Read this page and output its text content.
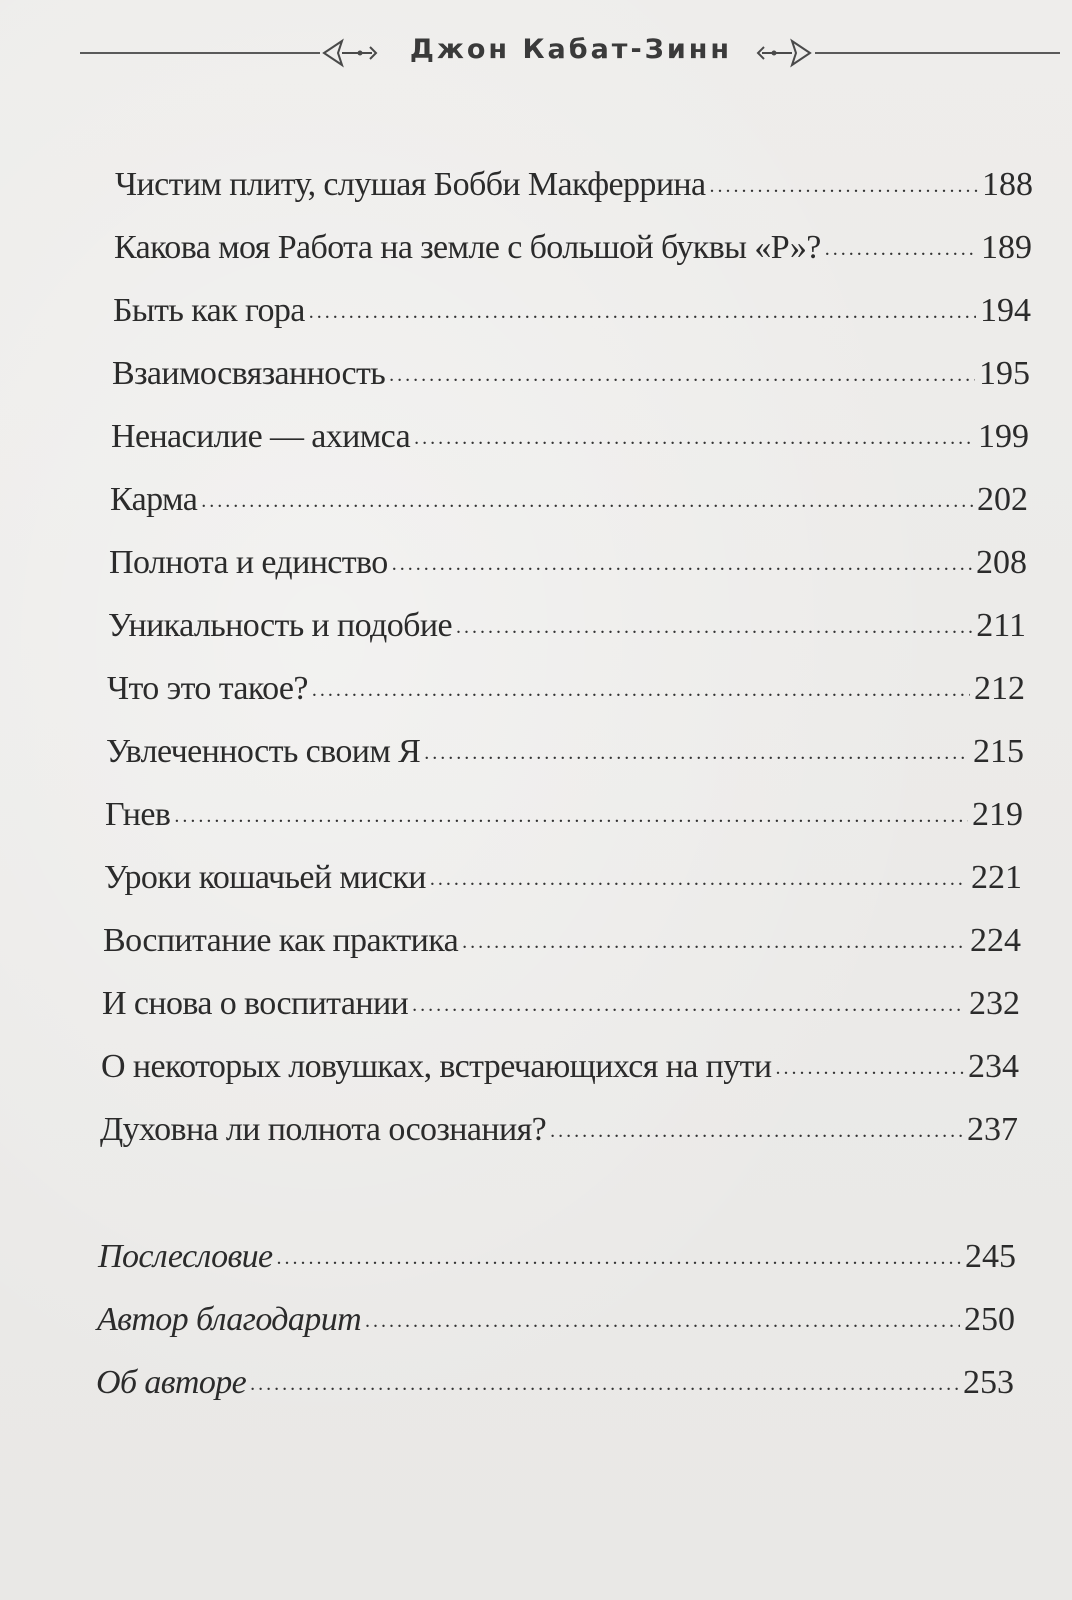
Джон Кабат-Зинн
Чистим плиту, слушая Бобби Макферрина . . .	188
Какова моя Работа на земле с большой буквы «Р»? . . .	189
Быть как гора . . .	194
Взаимосвязанность . . .	195
Ненасилие — ахимса . . .	199
Карма . . .	202
Полнота и единство . . .	208
Уникальность и подобие . . .	211
Что это такое? . . .	212
Увлеченность своим Я . . .	215
Гнев . . .	219
Уроки кошачьей миски . . .	221
Воспитание как практика . . .	224
И снова о воспитании . . .	232
О некоторых ловушках, встречающихся на пути . . .	234
Духовна ли полнота осознания? . . .	237
Послесловие . . .	245
Автор благодарит . . .	250
Об авторе . . .	253
